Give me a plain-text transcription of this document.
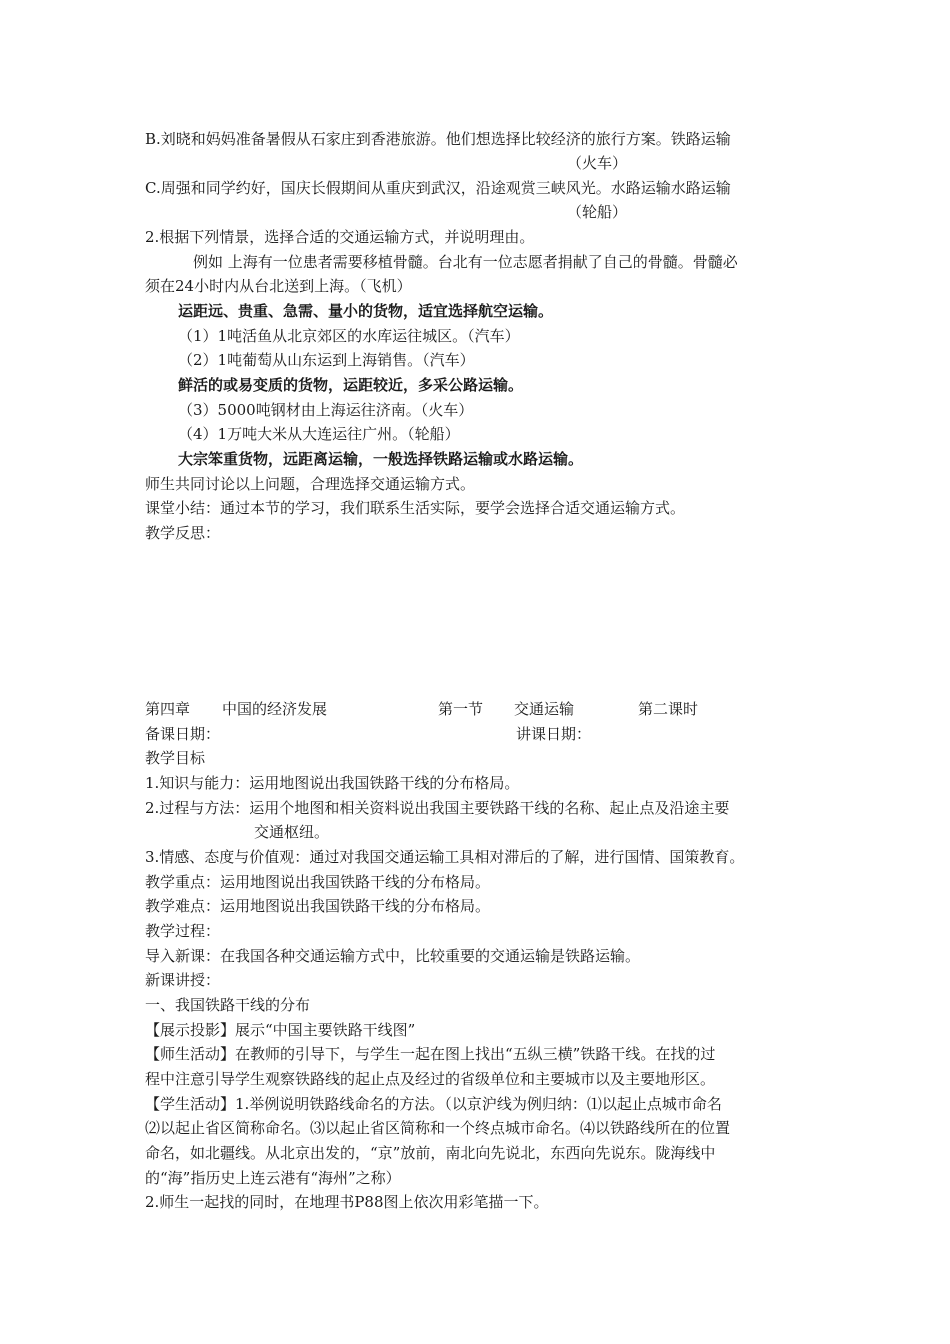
B.刘晓和妈妈准备暑假从石家庄到香港旅游。他们想选择比较经济的旅行方案。铁路运输
（火车）
C.周强和同学约好，国庆长假期间从重庆到武汉，沿途观赏三峡风光。水路运输水路运输
（轮船）
2.根据下列情景，选择合适的交通运输方式，并说明理由。
例如 上海有一位患者需要移植骨髓。台北有一位志愿者捐献了自己的骨髓。骨髓必
须在24小时内从台北送到上海。（飞机）
运距远、贵重、急需、量小的货物，适宜选择航空运输。
（1）1吨活鱼从北京郊区的水库运往城区。（汽车）
（2）1吨葡萄从山东运到上海销售。（汽车）
鲜活的或易变质的货物，运距较近，多采公路运输。
（3）5000吨钢材由上海运往济南。（火车）
（4）1万吨大米从大连运往广州。（轮船）
大宗笨重货物，远距离运输，一般选择铁路运输或水路运输。
师生共同讨论以上问题，合理选择交通运输方式。
课堂小结：通过本节的学习，我们联系生活实际，要学会选择合适交通运输方式。
教学反思：
第四章 中国的经济发展	第一节 交通运输	第二课时
备课日期：	讲课日期：
教学目标
1.知识与能力：运用地图说出我国铁路干线的分布格局。
2.过程与方法：运用个地图和相关资料说出我国主要铁路干线的名称、起止点及沿途主要
交通枢纽。
3.情感、态度与价值观：通过对我国交通运输工具相对滞后的了解，进行国情、国策教育。
教学重点：运用地图说出我国铁路干线的分布格局。
教学难点：运用地图说出我国铁路干线的分布格局。
教学过程：
导入新课：在我国各种交通运输方式中，比较重要的交通运输是铁路运输。
新课讲授：
一、我国铁路干线的分布
【展示投影】展示“中国主要铁路干线图”
【师生活动】在教师的引导下，与学生一起在图上找出“五纵三横”铁路干线。在找的过
程中注意引导学生观察铁路线的起止点及经过的省级单位和主要城市以及主要地形区。
【学生活动】1.举例说明铁路线命名的方法。（以京沪线为例归纳：⑴以起止点城市命名
⑵以起止省区简称命名。⑶以起止省区简称和一个终点城市命名。⑷以铁路线所在的位置
命名，如北疆线。从北京出发的，“京”放前，南北向先说北，东西向先说东。陇海线中
的“海”指历史上连云港有“海州”之称）
2.师生一起找的同时，在地理书P88图上依次用彩笔描一下。
